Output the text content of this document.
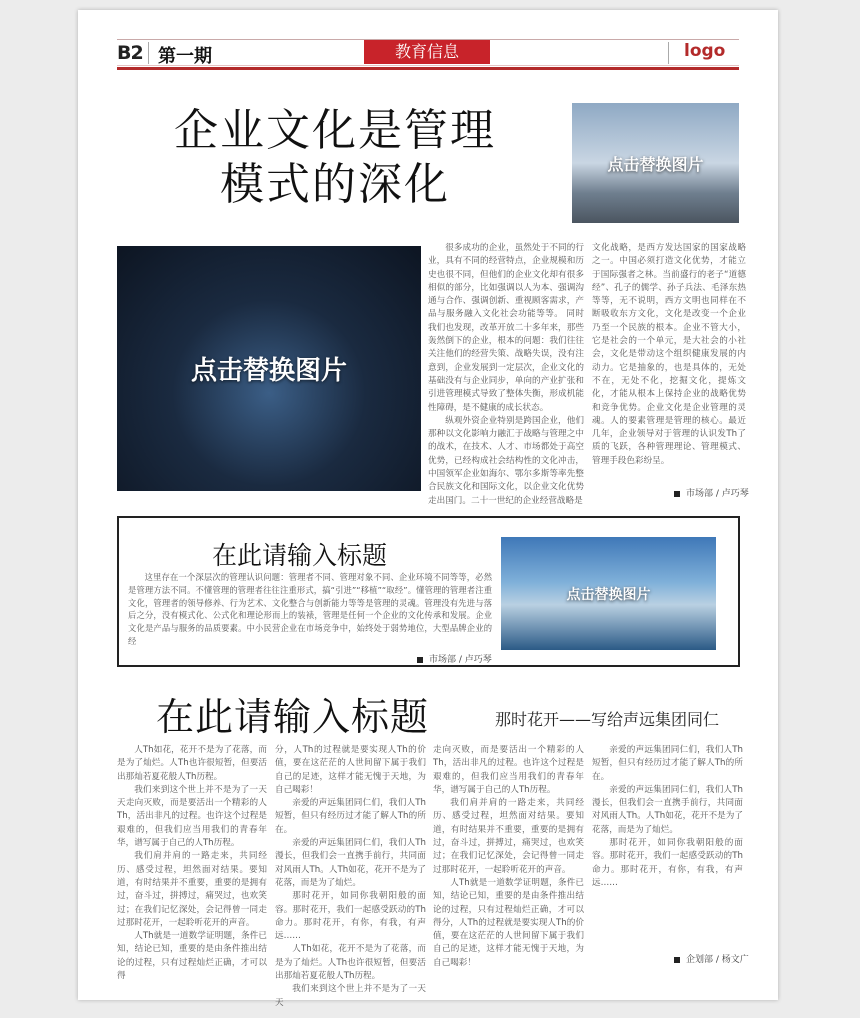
B2 第一期	教育信息	logo
企业文化是管理
模式的深化	点击替换图片
点击替换图片

很多成功的企业，虽然处于不同的行业，具有不同的经营特点，企业规模和历史也很不同，但他们的企业文化却有很多相似的部分，比如强调以人为本、强调沟通与合作、强调创新、重视顾客需求，产品与服务融入文化社会功能等等。 同时我们也发现，改革开放二十多年来，那些轰然倒下的企业，根本的问题：我们往往关注他们的经营失策、战略失误，没有注意到，企业发展到一定层次，企业文化的基础没有与企业同步，单向的产业扩张和引进管理模式导致了整体失衡，形成机能性障碍，是不健康的成长状态。

纵观外资企业特别是跨国企业，他们那种以文化影响力融汇于战略与管理之中的战术，在技术、人才、市场都处于高空优势，已经构成社会结构性的文化冲击，中国领军企业如海尔、鄂尔多斯等率先整合民族文化和国际文化，以企业文化优势走出国门。二十一世纪的企业经营战略是

文化战略，是西方发达国家的国家战略之一。中国必须打造文化优势，才能立于国际强者之林。当前盛行的老子“道德经”、孔子的儒学、孙子兵法、毛泽东热等等，无不说明，西方文明也同样在不断吸收东方文化，文化是改变一个企业乃至一个民族的根本。企业不管大小，它是社会的一个单元，是大社会的小社会，文化是带动这个组织健康发展的内动力。它是抽象的，也是具体的，无处不在，无处不化，挖掘文化，提炼文化，才能从根本上保持企业的战略优势和竞争优势。企业文化是企业管理的灵魂。人的要素管理是管理的核心。最近几年，企业领导对于管理的认识发Th了质的飞跃，各种管理理论、管理模式、管理手段色彩纷呈。

市场部 / 卢巧琴
在此请输入标题

这里存在一个深层次的管理认识问题：管理者不同、管理对象不同、企业环境不同等等，必然是管理方法不同。不懂管理的管理者往往注重形式，搞“引进”“移植”“取经”。懂管理的管理者注重文化，管理者的领导修养、行为艺术、文化整合与创新能力等等是管理的灵魂。管理没有先进与落后之分，没有模式化、公式化和理论形而上的装裱，管理是任何一个企业的文化传承和发展。企业文化是产品与服务的品质要素。中小民营企业在市场竞争中，始终处于弱势地位，大型品牌企业的经

市场部 / 卢巧琴
点击替换图片
在此请输入标题	那时花开——写给声远集团同仁

人Th如花，花开不是为了花落，而是为了灿烂。人Th也许很短暂，但要活出那灿若夏花般人Th历程。

我们来到这个世上并不是为了一天天走向灭败，而是要活出一个精彩的人Th，活出非凡的过程。也许这个过程是艰难的，但我们应当用我们的青春年华，谱写属于自己的人Th历程。

我们肩并肩的一路走来，共同经历、感受过程，坦然面对结果。要知道，有时结果并不重要，重要的是拥有过，奋斗过，拼搏过，痛哭过，也欢笑过；在我们记忆深处，会记得曾一同走过那时花开，一起聆听花开的声音。

人Th就是一道数学证明题，条件已知，结论已知，重要的是由条件推出结论的过程，只有过程灿烂正确，才可以得

分，人Th的过程就是要实现人Th的价值，要在这茫茫的人世间留下属于我们自己的足迹，这样才能无愧于天地，为自己喝彩！

亲爱的声远集团同仁们，我们人Th短暂，但只有经历过才能了解人Th的所在。

亲爱的声远集团同仁们，我们人Th漫长，但我们会一直携手前行，共同面对风雨人Th。人Th如花，花开不是为了花落，而是为了灿烂。

那时花开，如同你我朝阳般的面容。那时花开，我们一起感受跃动的Th命力。那时花开，有你，有我，有声远……

人Th如花，花开不是为了花落，而是为了灿烂。人Th也许很短暂，但要活出那灿若夏花般人Th历程。

我们来到这个世上并不是为了一天天

走向灭败，而是要活出一个精彩的人Th，活出非凡的过程。也许这个过程是艰难的，但我们应当用我们的青春年华，谱写属于自己的人Th历程。

我们肩并肩的一路走来，共同经历、感受过程，坦然面对结果。要知道，有时结果并不重要，重要的是拥有过，奋斗过，拼搏过，痛哭过，也欢笑过；在我们记忆深处，会记得曾一同走过那时花开，一起聆听花开的声音。

人Th就是一道数学证明题，条件已知，结论已知，重要的是由条件推出结论的过程，只有过程灿烂正确，才可以得分，人Th的过程就是要实现人Th的价值，要在这茫茫的人世间留下属于我们自己的足迹，这样才能无愧于天地，为自己喝彩！

亲爱的声远集团同仁们，我们人Th短暂，但只有经历过才能了解人Th的所在。

亲爱的声远集团同仁们，我们人Th漫长，但我们会一直携手前行，共同面对风雨人Th。人Th如花，花开不是为了花落，而是为了灿烂。

那时花开，如同你我朝阳般的面容。那时花开，我们一起感受跃动的Th命力。那时花开，有你，有我，有声远……

企划部 / 杨文广
